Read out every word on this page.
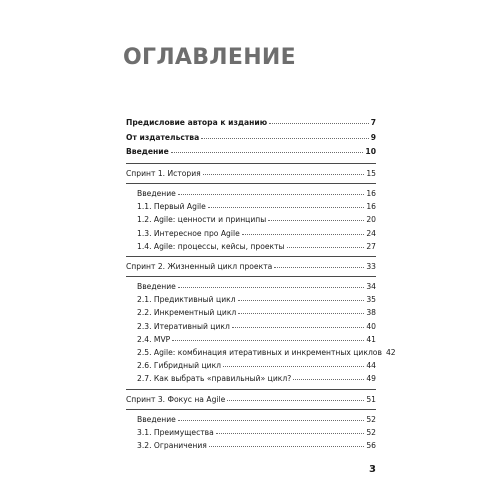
ОГЛАВЛЕНИЕ
Предисловие автора к изданию	7
От издательства	9
Введение	10
Спринт 1. История	15
Введение	16
1.1. Первый Agile	16
1.2. Agile: ценности и принципы	20
1.3. Интересное про Agile	24
1.4. Agile: процессы, кейсы, проекты	27
Спринт 2. Жизненный цикл проекта	33
Введение	34
2.1. Предиктивный цикл	35
2.2. Инкрементный цикл	38
2.3. Итеративный цикл	40
2.4. MVP	41
2.5. Agile: комбинация итеративных и инкрементных циклов 42
2.6. Гибридный цикл	44
2.7. Как выбрать «правильный» цикл?	49
Спринт 3. Фокус на Agile	51
Введение	52
3.1. Преимущества	52
3.2. Ограничения	56
3
